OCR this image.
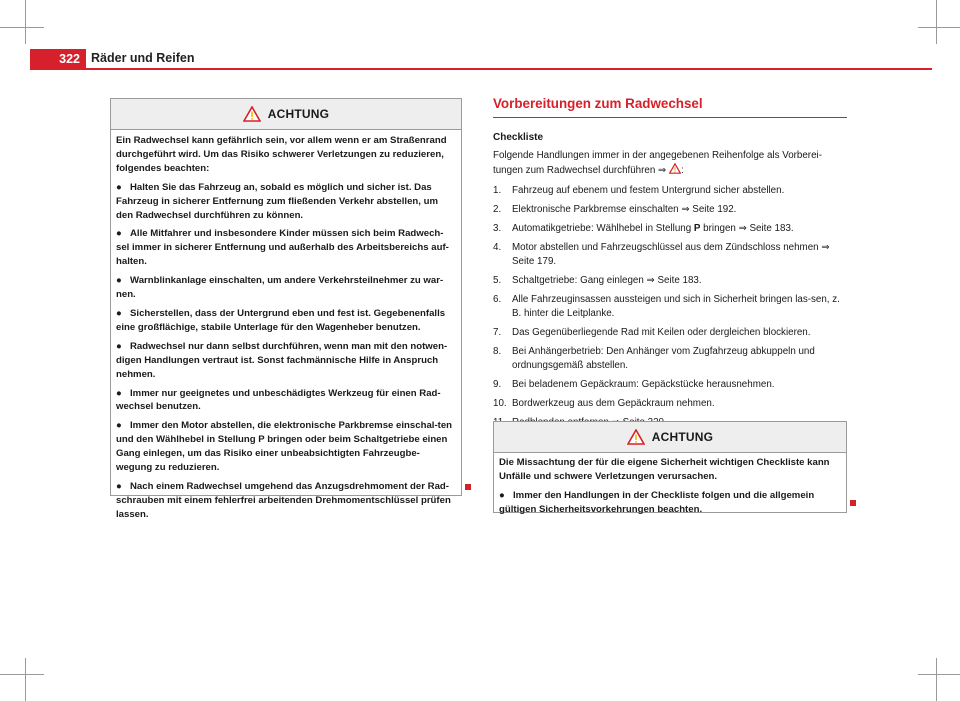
322 Räder und Reifen
ACHTUNG

Ein Radwechsel kann gefährlich sein, vor allem wenn er am Straßenrand durchgeführt wird. Um das Risiko schwerer Verletzungen zu reduzieren, folgendes beachten:

● Halten Sie das Fahrzeug an, sobald es möglich und sicher ist. Das Fahrzeug in sicherer Entfernung zum fließenden Verkehr abstellen, um den Radwechsel durchführen zu können.

● Alle Mitfahrer und insbesondere Kinder müssen sich beim Radwech-sel immer in sicherer Entfernung und außerhalb des Arbeitsbereichs auf-halten.

● Warnblinkanlage einschalten, um andere Verkehrsteilnehmer zu war-nen.

● Sicherstellen, dass der Untergrund eben und fest ist. Gegebenenfalls eine großflächige, stabile Unterlage für den Wagenheber benutzen.

● Radwechsel nur dann selbst durchführen, wenn man mit den notwen-digen Handlungen vertraut ist. Sonst fachmännische Hilfe in Anspruch nehmen.

● Immer nur geeignetes und unbeschädigtes Werkzeug für einen Rad-wechsel benutzen.

● Immer den Motor abstellen, die elektronische Parkbremse einschal-ten und den Wählhebel in Stellung P bringen oder beim Schaltgetriebe einen Gang einlegen, um das Risiko einer unbeabsichtigten Fahrzeugbe-wegung zu reduzieren.

● Nach einem Radwechsel umgehend das Anzugsdrehmoment der Rad-schrauben mit einem fehlerfrei arbeitenden Drehmomentschlüssel prüfen lassen.

Vorbereitungen zum Radwechsel
Checkliste
Folgende Handlungen immer in der angegebenen Reihenfolge als Vorberei-tungen zum Radwechsel durchführen ⇒ :
1.	Fahrzeug auf ebenem und festem Untergrund sicher abstellen.
2.	Elektronische Parkbremse einschalten ⇒ Seite 192.
3.	Automatikgetriebe: Wählhebel in Stellung P bringen ⇒ Seite 183.
4.	Motor abstellen und Fahrzeugschlüssel aus dem Zündschloss nehmen ⇒ Seite 179.
5.	Schaltgetriebe: Gang einlegen ⇒ Seite 183.
6.	Alle Fahrzeuginsassen aussteigen und sich in Sicherheit bringen las-sen, z. B. hinter die Leitplanke.
7.	Das Gegenüberliegende Rad mit Keilen oder dergleichen blockieren.
8.	Bei Anhängerbetrieb: Den Anhänger vom Zugfahrzeug abkuppeln und ordnungsgemäß abstellen.
9.	Bei beladenem Gepäckraum: Gepäckstücke herausnehmen.
10. Bordwerkzeug aus dem Gepäckraum nehmen.
ACHTUNG

Die Missachtung der für die eigene Sicherheit wichtigen Checkliste kann Unfälle und schwere Verletzungen verursachen.

● Immer den Handlungen in der Checkliste folgen und die allgemein gültigen Sicherheitsvorkehrungen beachten.
